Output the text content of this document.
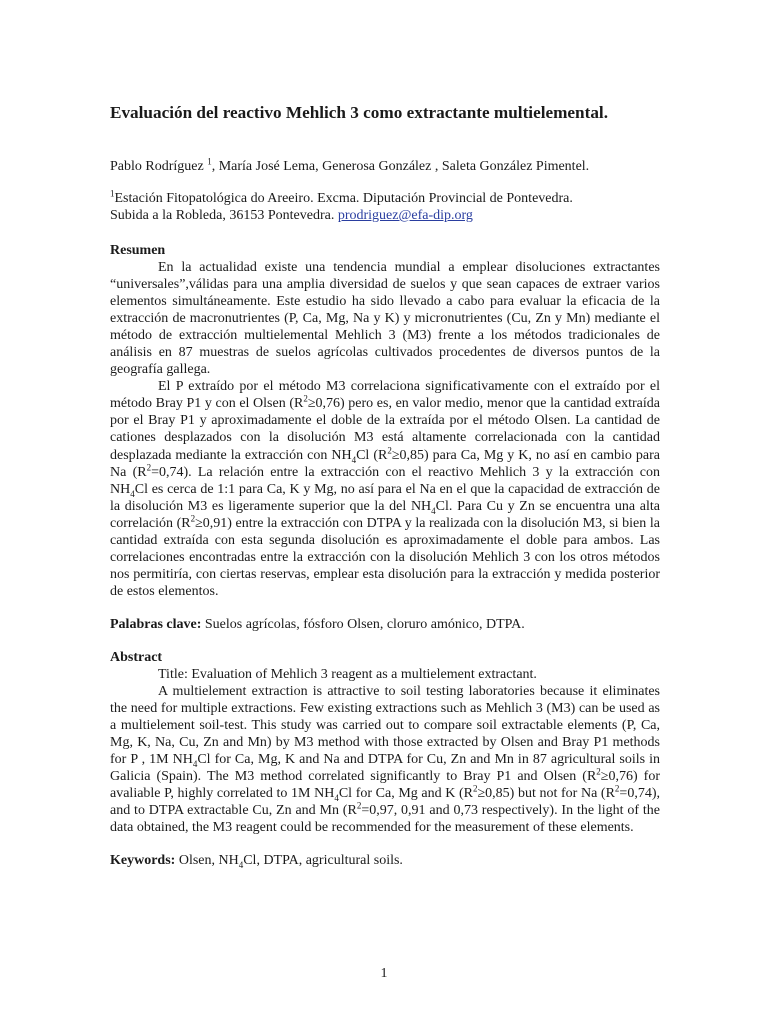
Evaluación del reactivo Mehlich 3 como extractante multielemental.

Pablo Rodríguez $^1$, María José Lema, Generosa González , Saleta González Pimentel.

$^1$Estación Fitopatológica do Areeiro. Excma. Diputación Provincial de Pontevedra.
Subida a la Robleda, 36153 Pontevedra. prodriguez@efa-dip.org

Resumen

En la actualidad existe una tendencia mundial a emplear disoluciones extractantes “universales”,válidas para una amplia diversidad de suelos y que sean capaces de extraer varios elementos simultáneamente. Este estudio ha sido llevado a cabo para evaluar la eficacia de la extracción de macronutrientes (P, Ca, Mg, Na y K) y micronutrientes (Cu, Zn y Mn) mediante el método de extracción multielemental Mehlich 3 (M3) frente a los métodos tradicionales de análisis en 87 muestras de suelos agrícolas cultivados procedentes de diversos puntos de la geografía gallega.

El P extraído por el método M3 correlaciona significativamente con el extraído por el método Bray P1 y con el Olsen $(R^2\ge 0,76)$ pero es, en valor medio, menor que la cantidad extraída por el Bray P1 y aproximadamente el doble de la extraída por el método Olsen. La cantidad de cationes desplazados con la disolución M3 está altamente correlacionada con la cantidad desplazada mediante la extracción con $NH_4Cl$ $(R^2\ge 0,85)$ para Ca, Mg y K, no así en cambio para Na $(R^2=0,74)$. La relación entre la extracción con el reactivo Mehlich 3 y la extracción con $NH_4Cl$ es cerca de 1:1 para Ca, K y Mg, no así para el Na en el que la capacidad de extracción de la disolución M3 es ligeramente superior que la del $NH_4Cl$. Para Cu y Zn se encuentra una alta correlación $(R^2\ge 0,91)$ entre la extracción con DTPA y la realizada con la disolución M3, si bien la cantidad extraída con esta segunda disolución es aproximadamente el doble para ambos. Las correlaciones encontradas entre la extracción con la disolución Mehlich 3 con los otros métodos nos permitiría, con ciertas reservas, emplear esta disolución para la extracción y medida posterior de estos elementos.

Palabras clave: Suelos agrícolas, fósforo Olsen, cloruro amónico, DTPA.

Abstract

Title: Evaluation of Mehlich 3 reagent as a multielement extractant.

A multielement extraction is attractive to soil testing laboratories because it eliminates the need for multiple extractions. Few existing extractions such as Mehlich 3 (M3) can be used as a multielement soil-test. This study was carried out to compare soil extractable elements (P, Ca, Mg, K, Na, Cu, Zn and Mn) by M3 method with those extracted by Olsen and Bray P1 methods for P , 1M $NH_4Cl$ for Ca, Mg, K and Na and DTPA for Cu, Zn and Mn in 87 agricultural soils in Galicia (Spain). The M3 method correlated significantly to Bray P1 and Olsen $(R^2\ge 0,76)$ for avaliable P, highly correlated to 1M $NH_4Cl$ for Ca, Mg and K $(R^2\ge 0,85)$ but not for Na $(R^2=0,74)$, and to DTPA extractable Cu, Zn and Mn ($R^2=0,97$, 0,91 and 0,73 respectively). In the light of the data obtained, the M3 reagent could be recommended for the measurement of these elements.

Keywords: Olsen, $NH_4Cl$, DTPA, agricultural soils.

1
